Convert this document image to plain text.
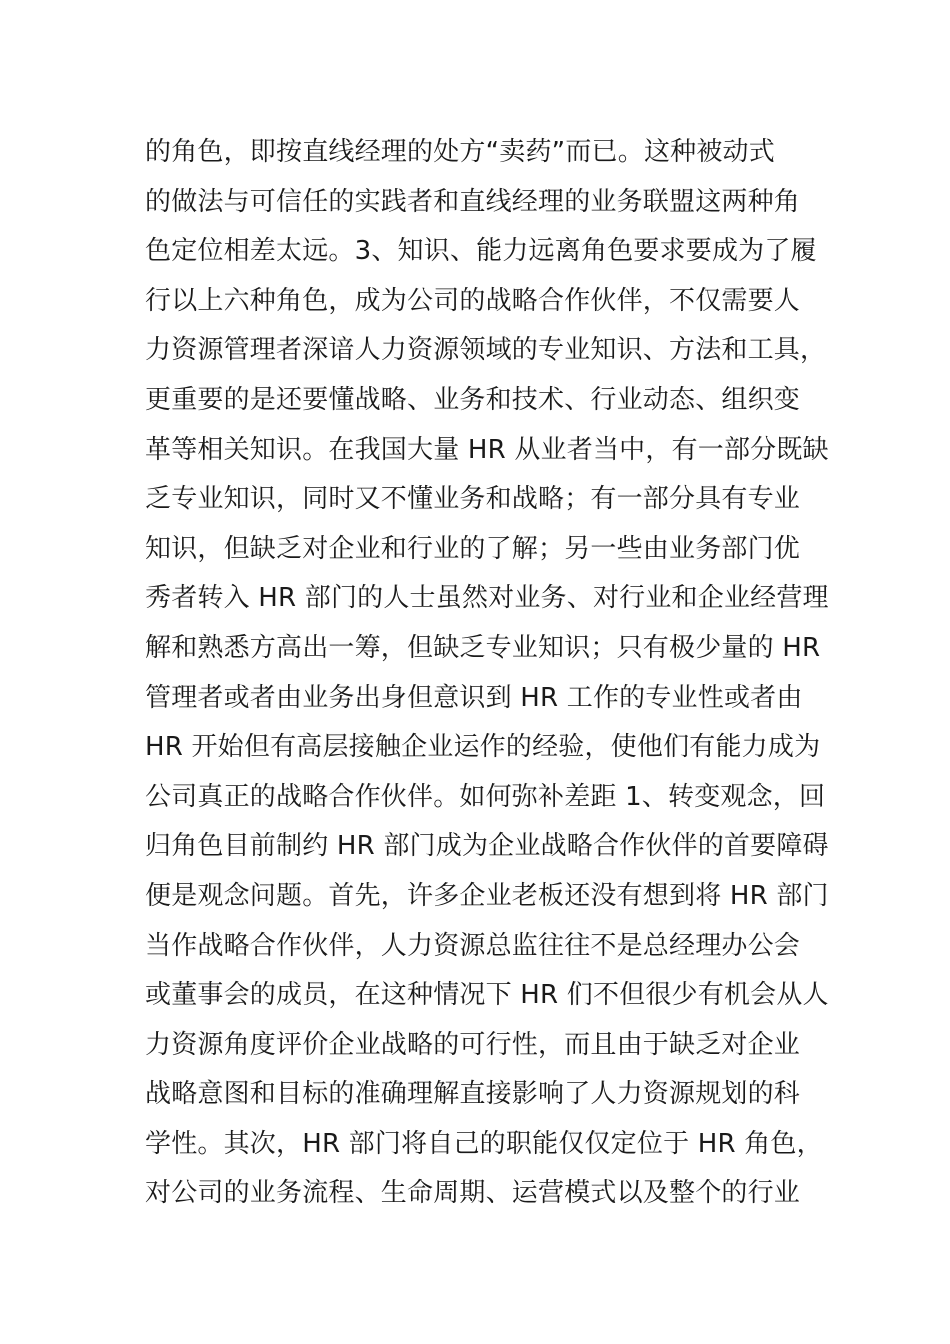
的角色，即按直线经理的处方“卖药”而已。这种被动式
的做法与可信任的实践者和直线经理的业务联盟这两种角
色定位相差太远。3、知识、能力远离角色要求要成为了履
行以上六种角色，成为公司的战略合作伙伴，不仅需要人
力资源管理者深谙人力资源领域的专业知识、方法和工具，
更重要的是还要懂战略、业务和技术、行业动态、组织变
革等相关知识。在我国大量 HR 从业者当中，有一部分既缺
乏专业知识，同时又不懂业务和战略；有一部分具有专业
知识，但缺乏对企业和行业的了解；另一些由业务部门优
秀者转入 HR 部门的人士虽然对业务、对行业和企业经营理
解和熟悉方高出一筹，但缺乏专业知识；只有极少量的 HR
管理者或者由业务出身但意识到 HR 工作的专业性或者由
HR 开始但有高层接触企业运作的经验，使他们有能力成为
公司真正的战略合作伙伴。如何弥补差距 1、转变观念，回
归角色目前制约 HR 部门成为企业战略合作伙伴的首要障碍
便是观念问题。首先，许多企业老板还没有想到将 HR 部门
当作战略合作伙伴，人力资源总监往往不是总经理办公会
或董事会的成员，在这种情况下 HR 们不但很少有机会从人
力资源角度评价企业战略的可行性，而且由于缺乏对企业
战略意图和目标的准确理解直接影响了人力资源规划的科
学性。其次，HR 部门将自己的职能仅仅定位于 HR 角色，
对公司的业务流程、生命周期、运营模式以及整个的行业
